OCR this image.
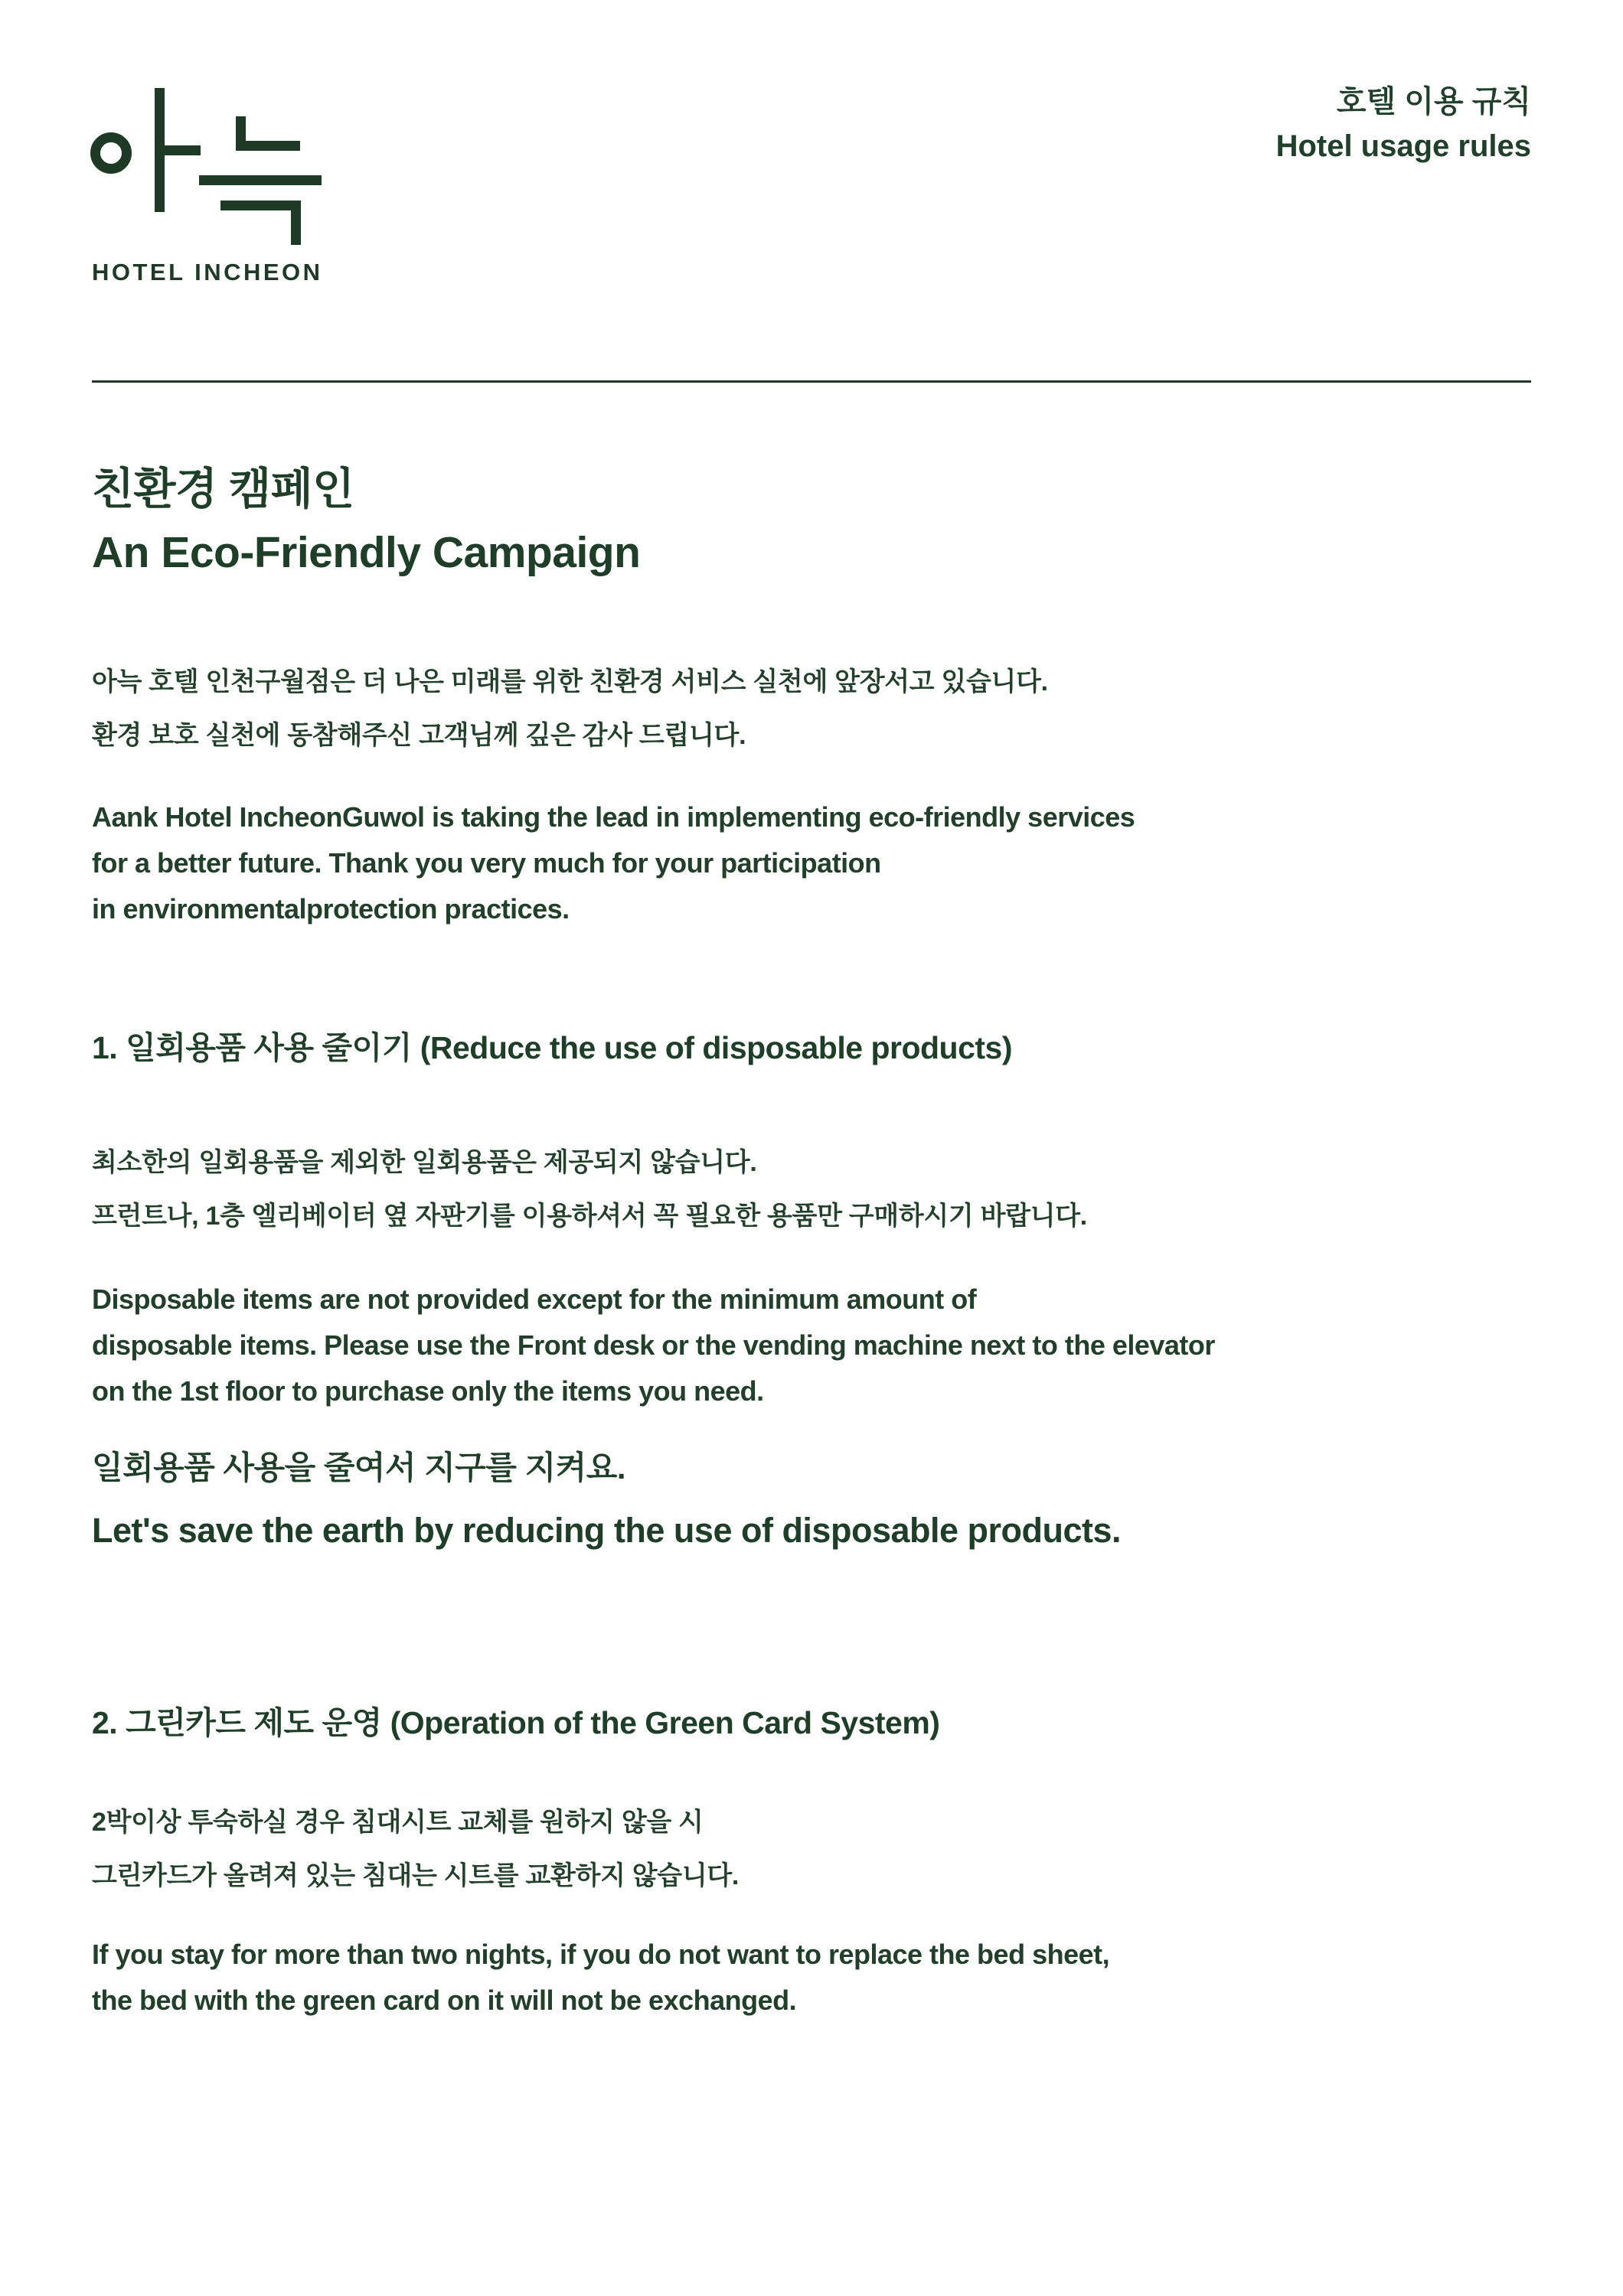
HOTEL INCHEON
호텔 이용 규칙
Hotel usage rules
친환경 캠페인
An Eco-Friendly Campaign
아늑 호텔 인천구월점은 더 나은 미래를 위한 친환경 서비스 실천에 앞장서고 있습니다.
환경 보호 실천에 동참해주신 고객님께 깊은 감사 드립니다.
Aank Hotel IncheonGuwol is taking the lead in implementing eco-friendly services
for a better future. Thank you very much for your participation
in environmentalprotection practices.
1. 일회용품 사용 줄이기 (Reduce the use of disposable products)
최소한의 일회용품을 제외한 일회용품은 제공되지 않습니다.
프런트나, 1층 엘리베이터 옆 자판기를 이용하셔서 꼭 필요한 용품만 구매하시기 바랍니다.
Disposable items are not provided except for the minimum amount of
disposable items. Please use the Front desk or the vending machine next to the elevator
on the 1st floor to purchase only the items you need.
일회용품 사용을 줄여서 지구를 지켜요.
Let's save the earth by reducing the use of disposable products.
2. 그린카드 제도 운영 (Operation of the Green Card System)
2박이상 투숙하실 경우 침대시트 교체를 원하지 않을 시
그린카드가 올려져 있는 침대는 시트를 교환하지 않습니다.
If you stay for more than two nights, if you do not want to replace the bed sheet,
the bed with the green card on it will not be exchanged.
